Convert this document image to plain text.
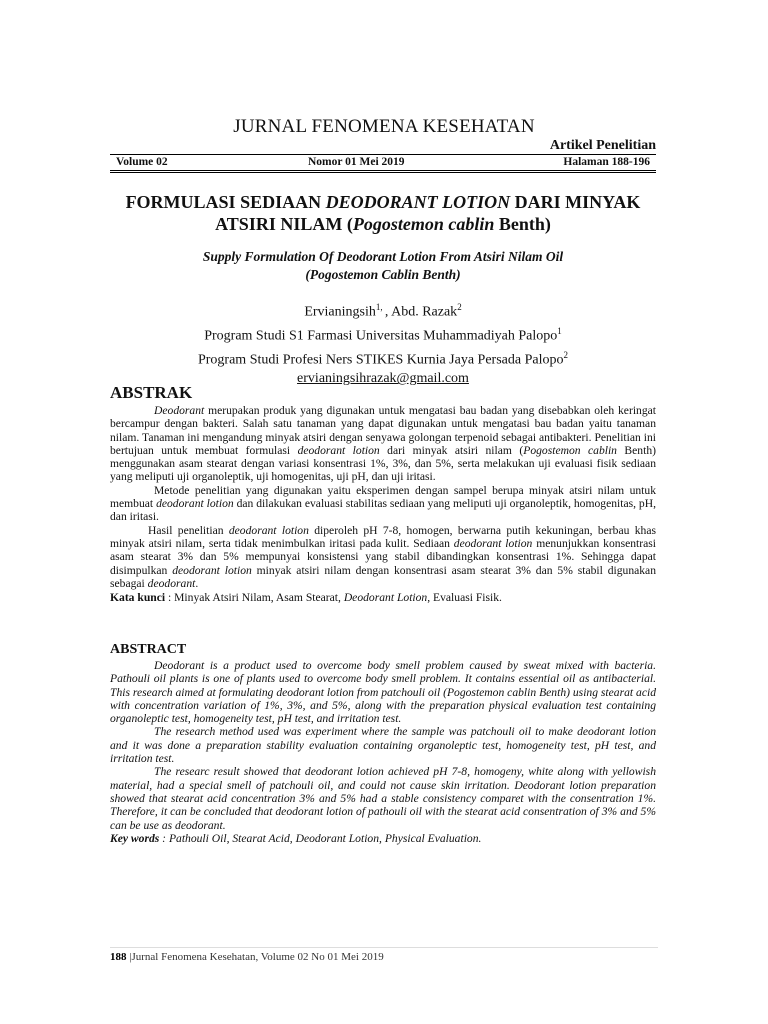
JURNAL FENOMENA KESEHATAN
Artikel Penelitian
Volume 02	Nomor 01 Mei 2019	Halaman 188-196
FORMULASI SEDIAAN DEODORANT LOTION DARI MINYAK
ATSIRI NILAM (Pogostemon cablin Benth)
Supply Formulation Of Deodorant Lotion From Atsiri Nilam Oil
(Pogostemon Cablin Benth)
Ervianingsih$^{1,}$ , Abd. Razak$^2$
Program Studi S1 Farmasi Universitas Muhammadiyah Palopo$^1$
Program Studi Profesi Ners STIKES Kurnia Jaya Persada Palopo$^2$
ervianingsihrazak@gmail.com
ABSTRAK

Deodorant merupakan produk yang digunakan untuk mengatasi bau badan yang disebabkan oleh keringat bercampur dengan bakteri. Salah satu tanaman yang dapat digunakan untuk mengatasi bau badan yaitu tanaman nilam. Tanaman ini mengandung minyak atsiri dengan senyawa golongan terpenoid sebagai antibakteri. Penelitian ini bertujuan untuk membuat formulasi deodorant lotion dari minyak atsiri nilam (Pogostemon cablin Benth) menggunakan asam stearat dengan variasi konsentrasi 1%, 3%, dan 5%, serta melakukan uji evaluasi fisik sediaan yang meliputi uji organoleptik, uji homogenitas, uji pH, dan uji iritasi.

Metode penelitian yang digunakan yaitu eksperimen dengan sampel berupa minyak atsiri nilam untuk membuat deodorant lotion dan dilakukan evaluasi stabilitas sediaan yang meliputi uji organoleptik, homogenitas, pH, dan iritasi.

Hasil penelitian deodorant lotion diperoleh pH 7-8, homogen, berwarna putih kekuningan, berbau khas minyak atsiri nilam, serta tidak menimbulkan iritasi pada kulit. Sediaan deodorant lotion menunjukkan konsentrasi asam stearat 3% dan 5% mempunyai konsistensi yang stabil dibandingkan konsentrasi 1%. Sehingga dapat disimpulkan deodorant lotion minyak atsiri nilam dengan konsentrasi asam stearat 3% dan 5% stabil digunakan sebagai deodorant.

Kata kunci : Minyak Atsiri Nilam, Asam Stearat, Deodorant Lotion, Evaluasi Fisik.

ABSTRACT

Deodorant is a product used to overcome body smell problem caused by sweat mixed with bacteria. Pathouli oil plants is one of plants used to overcome body smell problem. It contains essential oil as antibacterial. This research aimed at formulating deodorant lotion from patchouli oil (Pogostemon cablin Benth) using stearat acid with concentration variation of 1%, 3%, and 5%, along with the preparation physical evaluation test containing organoleptic test, homogeneity test, pH test, and irritation test.

The research method used was experiment where the sample was patchouli oil to make deodorant lotion and it was done a preparation stability evaluation containing organoleptic test, homogeneity test, pH test, and irritation test.

The researc result showed that deodorant lotion achieved pH 7-8, homogeny, white along with yellowish material, had a special smell of patchouli oil, and could not cause skin irritation. Deodorant lotion preparation showed that stearat acid concentration 3% and 5% had a stable consistency comparet with the consentration 1%. Therefore, it can be concluded that deodorant lotion of pathouli oil with the stearat acid consentration of 3% and 5% can be use as deodorant.

Key words : Pathouli Oil, Stearat Acid, Deodorant Lotion, Physical Evaluation.

188 |Jurnal Fenomena Kesehatan, Volume 02 No 01 Mei 2019
